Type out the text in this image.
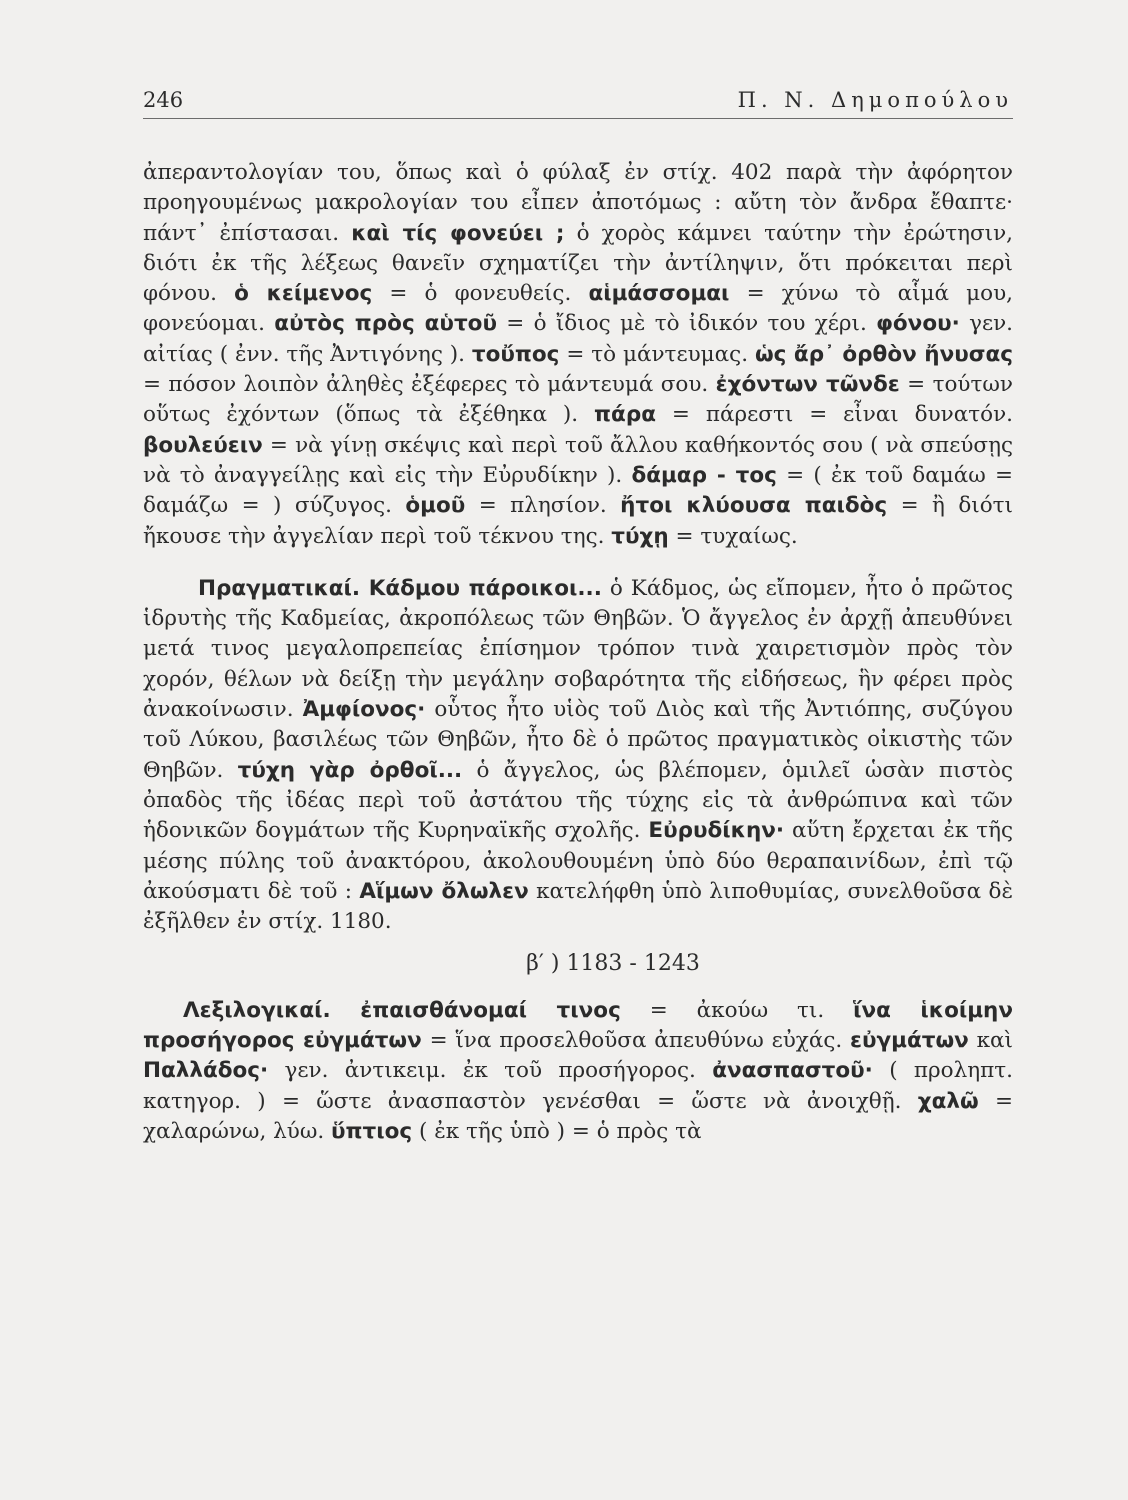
246	Π. Ν. Δημοπούλου

ἀπεραντολογίαν του, ὅπως καὶ ὁ φύλαξ ἐν στίχ. 402 παρὰ τὴν ἀφόρητον προηγουμένως μακρολογίαν του εἶπεν ἀποτόμως : αὔτη τὸν ἄνδρα ἔθαπτε· πάντ᾽ ἐπίστασαι. καὶ τίς φονεύει ; ὁ χορὸς κάμνει ταύτην τὴν ἐρώτησιν, διότι ἐκ τῆς λέξεως θανεῖν σχηματίζει τὴν ἀντίληψιν, ὅτι πρόκειται περὶ φόνου. ὁ κείμενος = ὁ φονευθείς. αἱμάσσομαι = χύνω τὸ αἷμά μου, φονεύομαι. αὐτὸς πρὸς αὑτοῦ = ὁ ἴδιος μὲ τὸ ἰδικόν του χέρι. φόνου· γεν. αἰτίας ( ἐνν. τῆς Ἀντιγόνης ). τοὔπος = τὸ μάντευμας. ὡς ἄρ᾽ ὀρθὸν ἤνυσας = πόσον λοιπὸν ἀληθὲς ἐξέφερες τὸ μάντευμά σου. ἐχόντων τῶνδε = τούτων οὕτως ἐχόντων (ὅπως τὰ ἐξέθηκα ). πάρα = πάρεστι = εἶναι δυνατόν. βουλεύειν = νὰ γίνῃ σκέψις καὶ περὶ τοῦ ἄλλου καθήκοντός σου ( νὰ σπεύσῃς νὰ τὸ ἀναγγείλῃς καὶ εἰς τὴν Εὐρυδίκην ). δάμαρ - τος = ( ἐκ τοῦ δαμάω = δαμάζω = ) σύζυγος. ὁμοῦ = πλησίον. ἤτοι κλύουσα παιδὸς = ἢ διότι ἤκουσε τὴν ἀγγελίαν περὶ τοῦ τέκνου της. τύχῃ = τυχαίως.

Πραγματικαί. Κάδμου πάροικοι... ὁ Κάδμος, ὡς εἴπομεν, ἦτο ὁ πρῶτος ἱδρυτὴς τῆς Καδμείας, ἀκροπόλεως τῶν Θηβῶν. Ὁ ἄγγελος ἐν ἀρχῇ ἀπευθύνει μετά τινος μεγαλοπρεπείας ἐπίσημον τρόπον τινὰ χαιρετισμὸν πρὸς τὸν χορόν, θέλων νὰ δείξῃ τὴν μεγάλην σοβαρότητα τῆς εἰδήσεως, ἣν φέρει πρὸς ἀνακοίνωσιν. Ἀμφίονος· οὗτος ἦτο υἱὸς τοῦ Διὸς καὶ τῆς Ἀντιόπης, συζύγου τοῦ Λύκου, βασιλέως τῶν Θηβῶν, ἦτο δὲ ὁ πρῶτος πραγματικὸς οἰκιστὴς τῶν Θηβῶν. τύχη γὰρ ὀρθοῖ... ὁ ἄγγελος, ὡς βλέπομεν, ὁμιλεῖ ὡσὰν πιστὸς ὀπαδὸς τῆς ἰδέας περὶ τοῦ ἀστάτου τῆς τύχης εἰς τὰ ἀνθρώπινα καὶ τῶν ἡδονικῶν δογμάτων τῆς Κυρηναϊκῆς σχολῆς. Εὐρυδίκην· αὕτη ἔρχεται ἐκ τῆς μέσης πύλης τοῦ ἀνακτόρου, ἀκολουθουμένη ὑπὸ δύο θεραπαινίδων, ἐπὶ τῷ ἀκούσματι δὲ τοῦ : Αἵμων ὄλωλεν κατελήφθη ὑπὸ λιποθυμίας, συνελθοῦσα δὲ ἐξῆλθεν ἐν στίχ. 1180.

β′ ) 1183 - 1243

Λεξιλογικαί. ἐπαισθάνομαί τινος = ἀκούω τι. ἵνα ἱκοίμην προσήγορος εὐγμάτων = ἵνα προσελθοῦσα ἀπευθύνω εὐχάς. εὐγμάτων καὶ Παλλάδος· γεν. ἀντικειμ. ἐκ τοῦ προσήγορος. ἀνασπαστοῦ· ( προληπτ. κατηγορ. ) = ὥστε ἀνασπαστὸν γενέσθαι = ὥστε νὰ ἀνοιχθῇ. χαλῶ = χαλαρώνω, λύω. ὕπτιος ( ἐκ τῆς ὑπὸ ) = ὁ πρὸς τὰ
